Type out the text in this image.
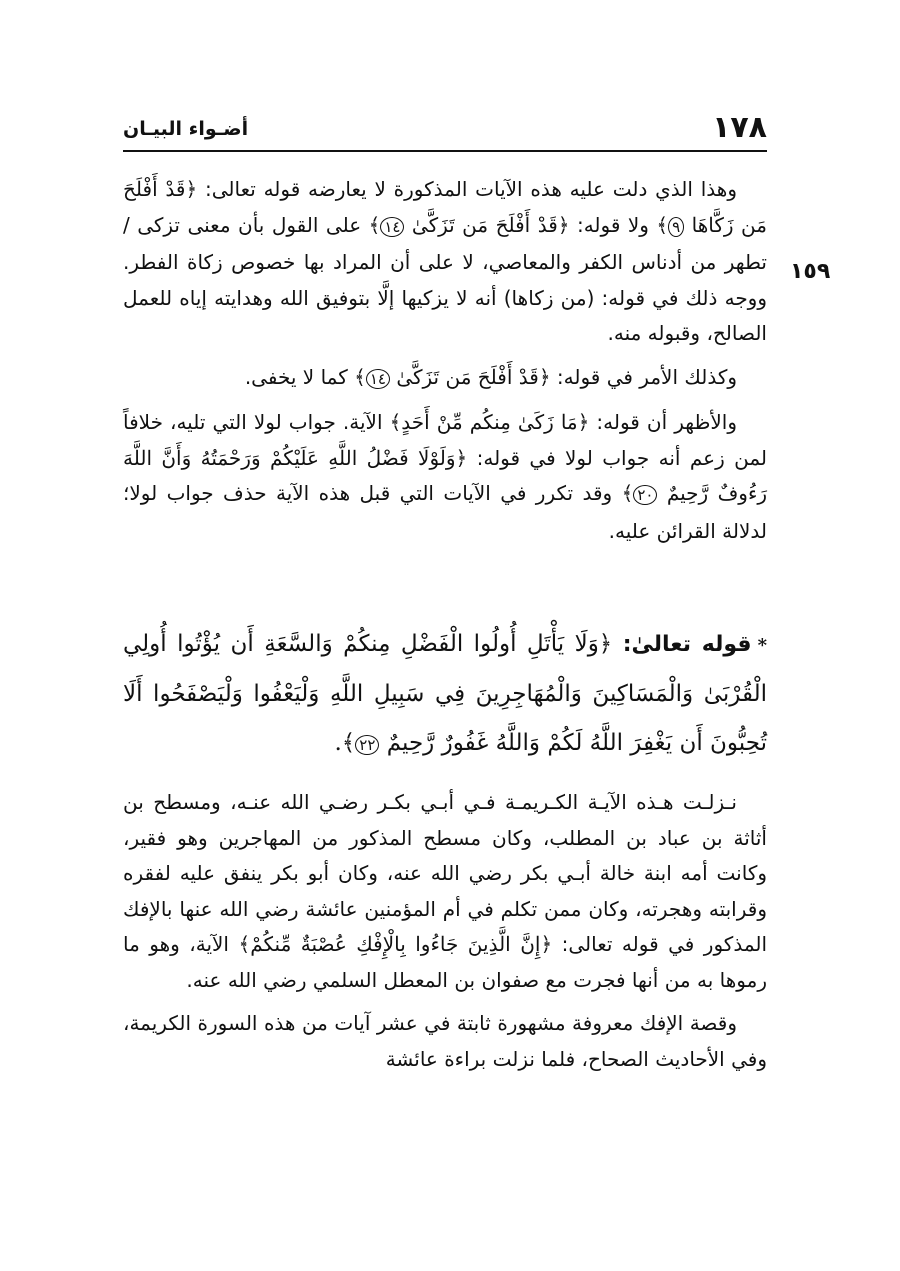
١٧٨
أضـواء البيـان
١٥٩

وهذا الذي دلت عليه هذه الآيات المذكورة لا يعارضه قوله تعالى: ﴿قَدْ أَفْلَحَ مَن زَكَّاهَا ٩﴾ ولا قوله: ﴿قَدْ أَفْلَحَ مَن تَزَكَّىٰ ١٤﴾ على القول بأن معنى تزكى / تطهر من أدناس الكفر والمعاصي، لا على أن المراد بها خصوص زكاة الفطر. ووجه ذلك في قوله: (من زكاها) أنه لا يزكيها إلَّا بتوفيق الله وهدايته إياه للعمل الصالح، وقبوله منه.

وكذلك الأمر في قوله: ﴿قَدْ أَفْلَحَ مَن تَزَكَّىٰ ١٤﴾ كما لا يخفى.

والأظهر أن قوله: ﴿مَا زَكَىٰ مِنكُم مِّنْ أَحَدٍ﴾ الآية. جواب لولا التي تليه، خلافاً لمن زعم أنه جواب لولا في قوله: ﴿وَلَوْلَا فَضْلُ اللَّهِ عَلَيْكُمْ وَرَحْمَتُهُ وَأَنَّ اللَّهَ رَءُوفٌ رَّحِيمٌ ٢٠﴾ وقد تكرر في الآيات التي قبل هذه الآية حذف جواب لولا؛ لدلالة القرائن عليه.

*قوله تعالىٰ: ﴿وَلَا يَأْتَلِ أُولُوا الْفَضْلِ مِنكُمْ وَالسَّعَةِ أَن يُؤْتُوا أُولِي الْقُرْبَىٰ وَالْمَسَاكِينَ وَالْمُهَاجِرِينَ فِي سَبِيلِ اللَّهِ وَلْيَعْفُوا وَلْيَصْفَحُوا أَلَا تُحِبُّونَ أَن يَغْفِرَ اللَّهُ لَكُمْ وَاللَّهُ غَفُورٌ رَّحِيمٌ ٢٢﴾.

نـزلـت هـذه الآيـة الكـريمـة فـي أبـي بكـر رضـي الله عنـه، ومسطح بن أثاثة بن عباد بن المطلب، وكان مسطح المذكور من المهاجرين وهو فقير، وكانت أمه ابنة خالة أبـي بكر رضي الله عنه، وكان أبو بكر ينفق عليه لفقره وقرابته وهجرته، وكان ممن تكلم في أم المؤمنين عائشة رضي الله عنها بالإفك المذكور في قوله تعالى: ﴿إِنَّ الَّذِينَ جَاءُوا بِالْإِفْكِ عُصْبَةٌ مِّنكُمْ﴾ الآية، وهو ما رموها به من أنها فجرت مع صفوان بن المعطل السلمي رضي الله عنه.

وقصة الإفك معروفة مشهورة ثابتة في عشر آيات من هذه السورة الكريمة، وفي الأحاديث الصحاح، فلما نزلت براءة عائشة
